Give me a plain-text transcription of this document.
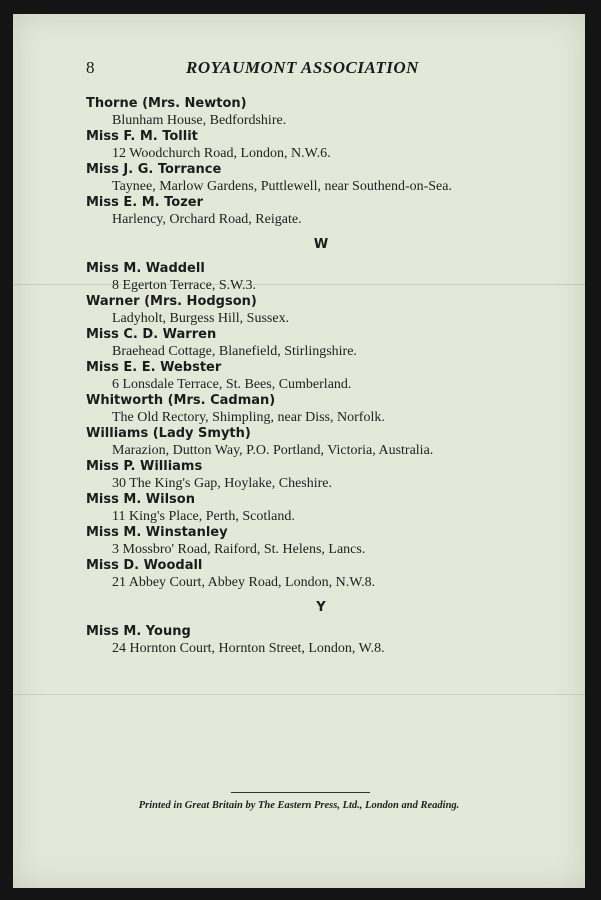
8	ROYAUMONT ASSOCIATION
Thorne (Mrs. Newton)
Blunham House, Bedfordshire.
Miss F. M. Tollit
12 Woodchurch Road, London, N.W.6.
Miss J. G. Torrance
Taynee, Marlow Gardens, Puttlewell, near Southend-on-Sea.
Miss E. M. Tozer
Harlency, Orchard Road, Reigate.
W
Miss M. Waddell
8 Egerton Terrace, S.W.3.
Warner (Mrs. Hodgson)
Ladyholt, Burgess Hill, Sussex.
Miss C. D. Warren
Braehead Cottage, Blanefield, Stirlingshire.
Miss E. E. Webster
6 Lonsdale Terrace, St. Bees, Cumberland.
Whitworth (Mrs. Cadman)
The Old Rectory, Shimpling, near Diss, Norfolk.
Williams (Lady Smyth)
Marazion, Dutton Way, P.O. Portland, Victoria, Australia.
Miss P. Williams
30 The King's Gap, Hoylake, Cheshire.
Miss M. Wilson
11 King's Place, Perth, Scotland.
Miss M. Winstanley
3 Mossbro' Road, Raiford, St. Helens, Lancs.
Miss D. Woodall
21 Abbey Court, Abbey Road, London, N.W.8.
Y
Miss M. Young
24 Hornton Court, Hornton Street, London, W.8.
Printed in Great Britain by The Eastern Press, Ltd., London and Reading.
